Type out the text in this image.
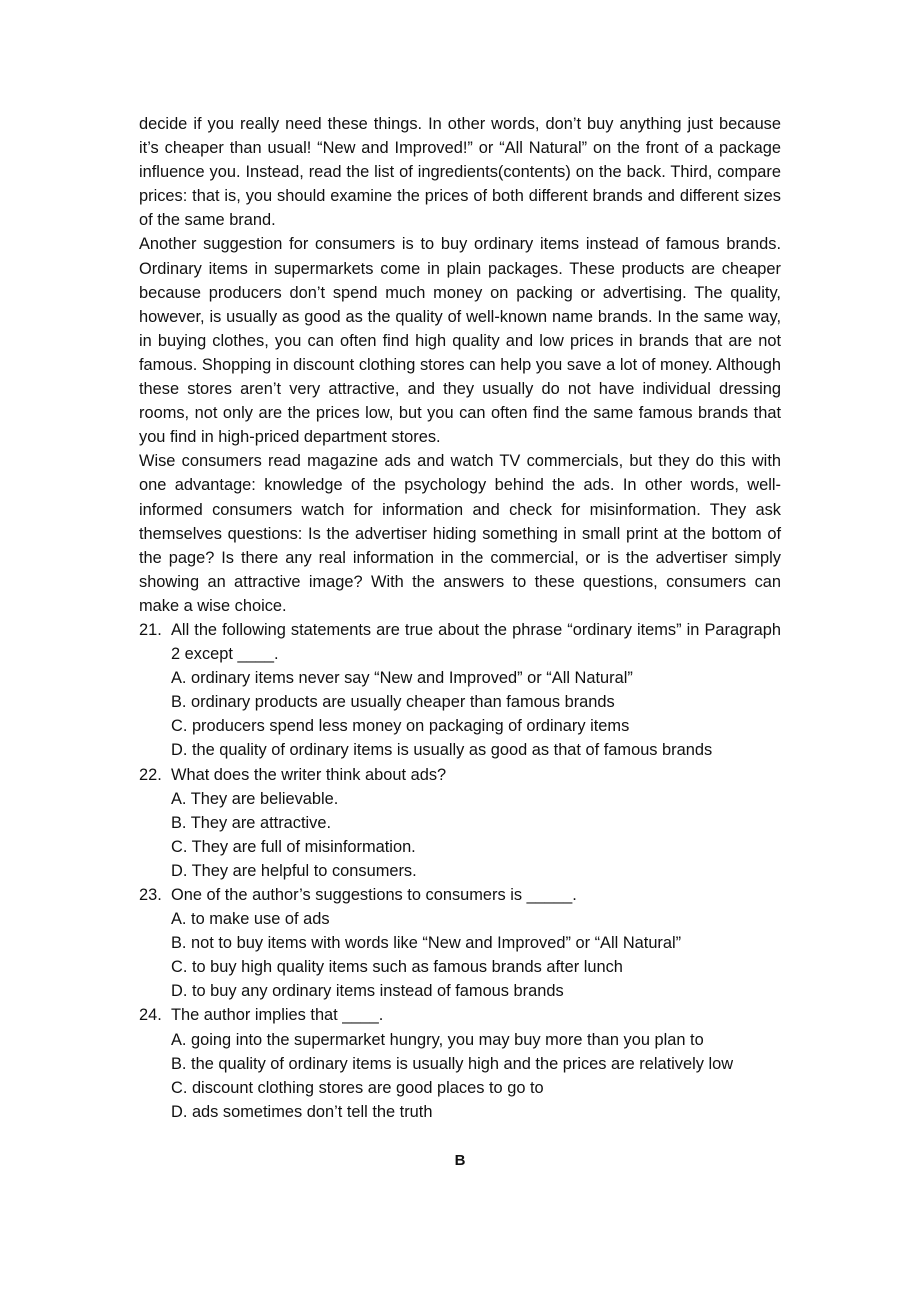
decide if you really need these things. In other words, don’t buy anything just because it’s cheaper than usual! “New and Improved!” or “All Natural” on the front of a package influence you. Instead, read the list of ingredients(contents) on the back. Third, compare prices: that is, you should examine the prices of both different brands and different sizes of the same brand.

Another suggestion for consumers is to buy ordinary items instead of famous brands. Ordinary items in supermarkets come in plain packages. These products are cheaper because producers don’t spend much money on packing or advertising. The quality, however, is usually as good as the quality of well-known name brands. In the same way, in buying clothes, you can often find high quality and low prices in brands that are not famous. Shopping in discount clothing stores can help you save a lot of money. Although these stores aren’t very attractive, and they usually do not have individual dressing rooms, not only are the prices low, but you can often find the same famous brands that you find in high-priced department stores.

Wise consumers read magazine ads and watch TV commercials, but they do this with one advantage: knowledge of the psychology behind the ads. In other words, well-informed consumers watch for information and check for misinformation. They ask themselves questions: Is the advertiser hiding something in small print at the bottom of the page? Is there any real information in the commercial, or is the advertiser simply showing an attractive image? With the answers to these questions, consumers can make a wise choice.

21. All the following statements are true about the phrase “ordinary items” in Paragraph 2 except ____.
A. ordinary items never say “New and Improved” or “All Natural”
B. ordinary products are usually cheaper than famous brands
C. producers spend less money on packaging of ordinary items
D. the quality of ordinary items is usually as good as that of famous brands
22. What does the writer think about ads?
A. They are believable.
B. They are attractive.
C. They are full of misinformation.
D. They are helpful to consumers.
23. One of the author’s suggestions to consumers is _____.
A. to make use of ads
B. not to buy items with words like “New and Improved” or “All Natural”
C. to buy high quality items such as famous brands after lunch
D. to buy any ordinary items instead of famous brands
24. The author implies that ____.
A. going into the supermarket hungry, you may buy more than you plan to
B. the quality of ordinary items is usually high and the prices are relatively low
C. discount clothing stores are good places to go to
D. ads sometimes don’t tell the truth
B
